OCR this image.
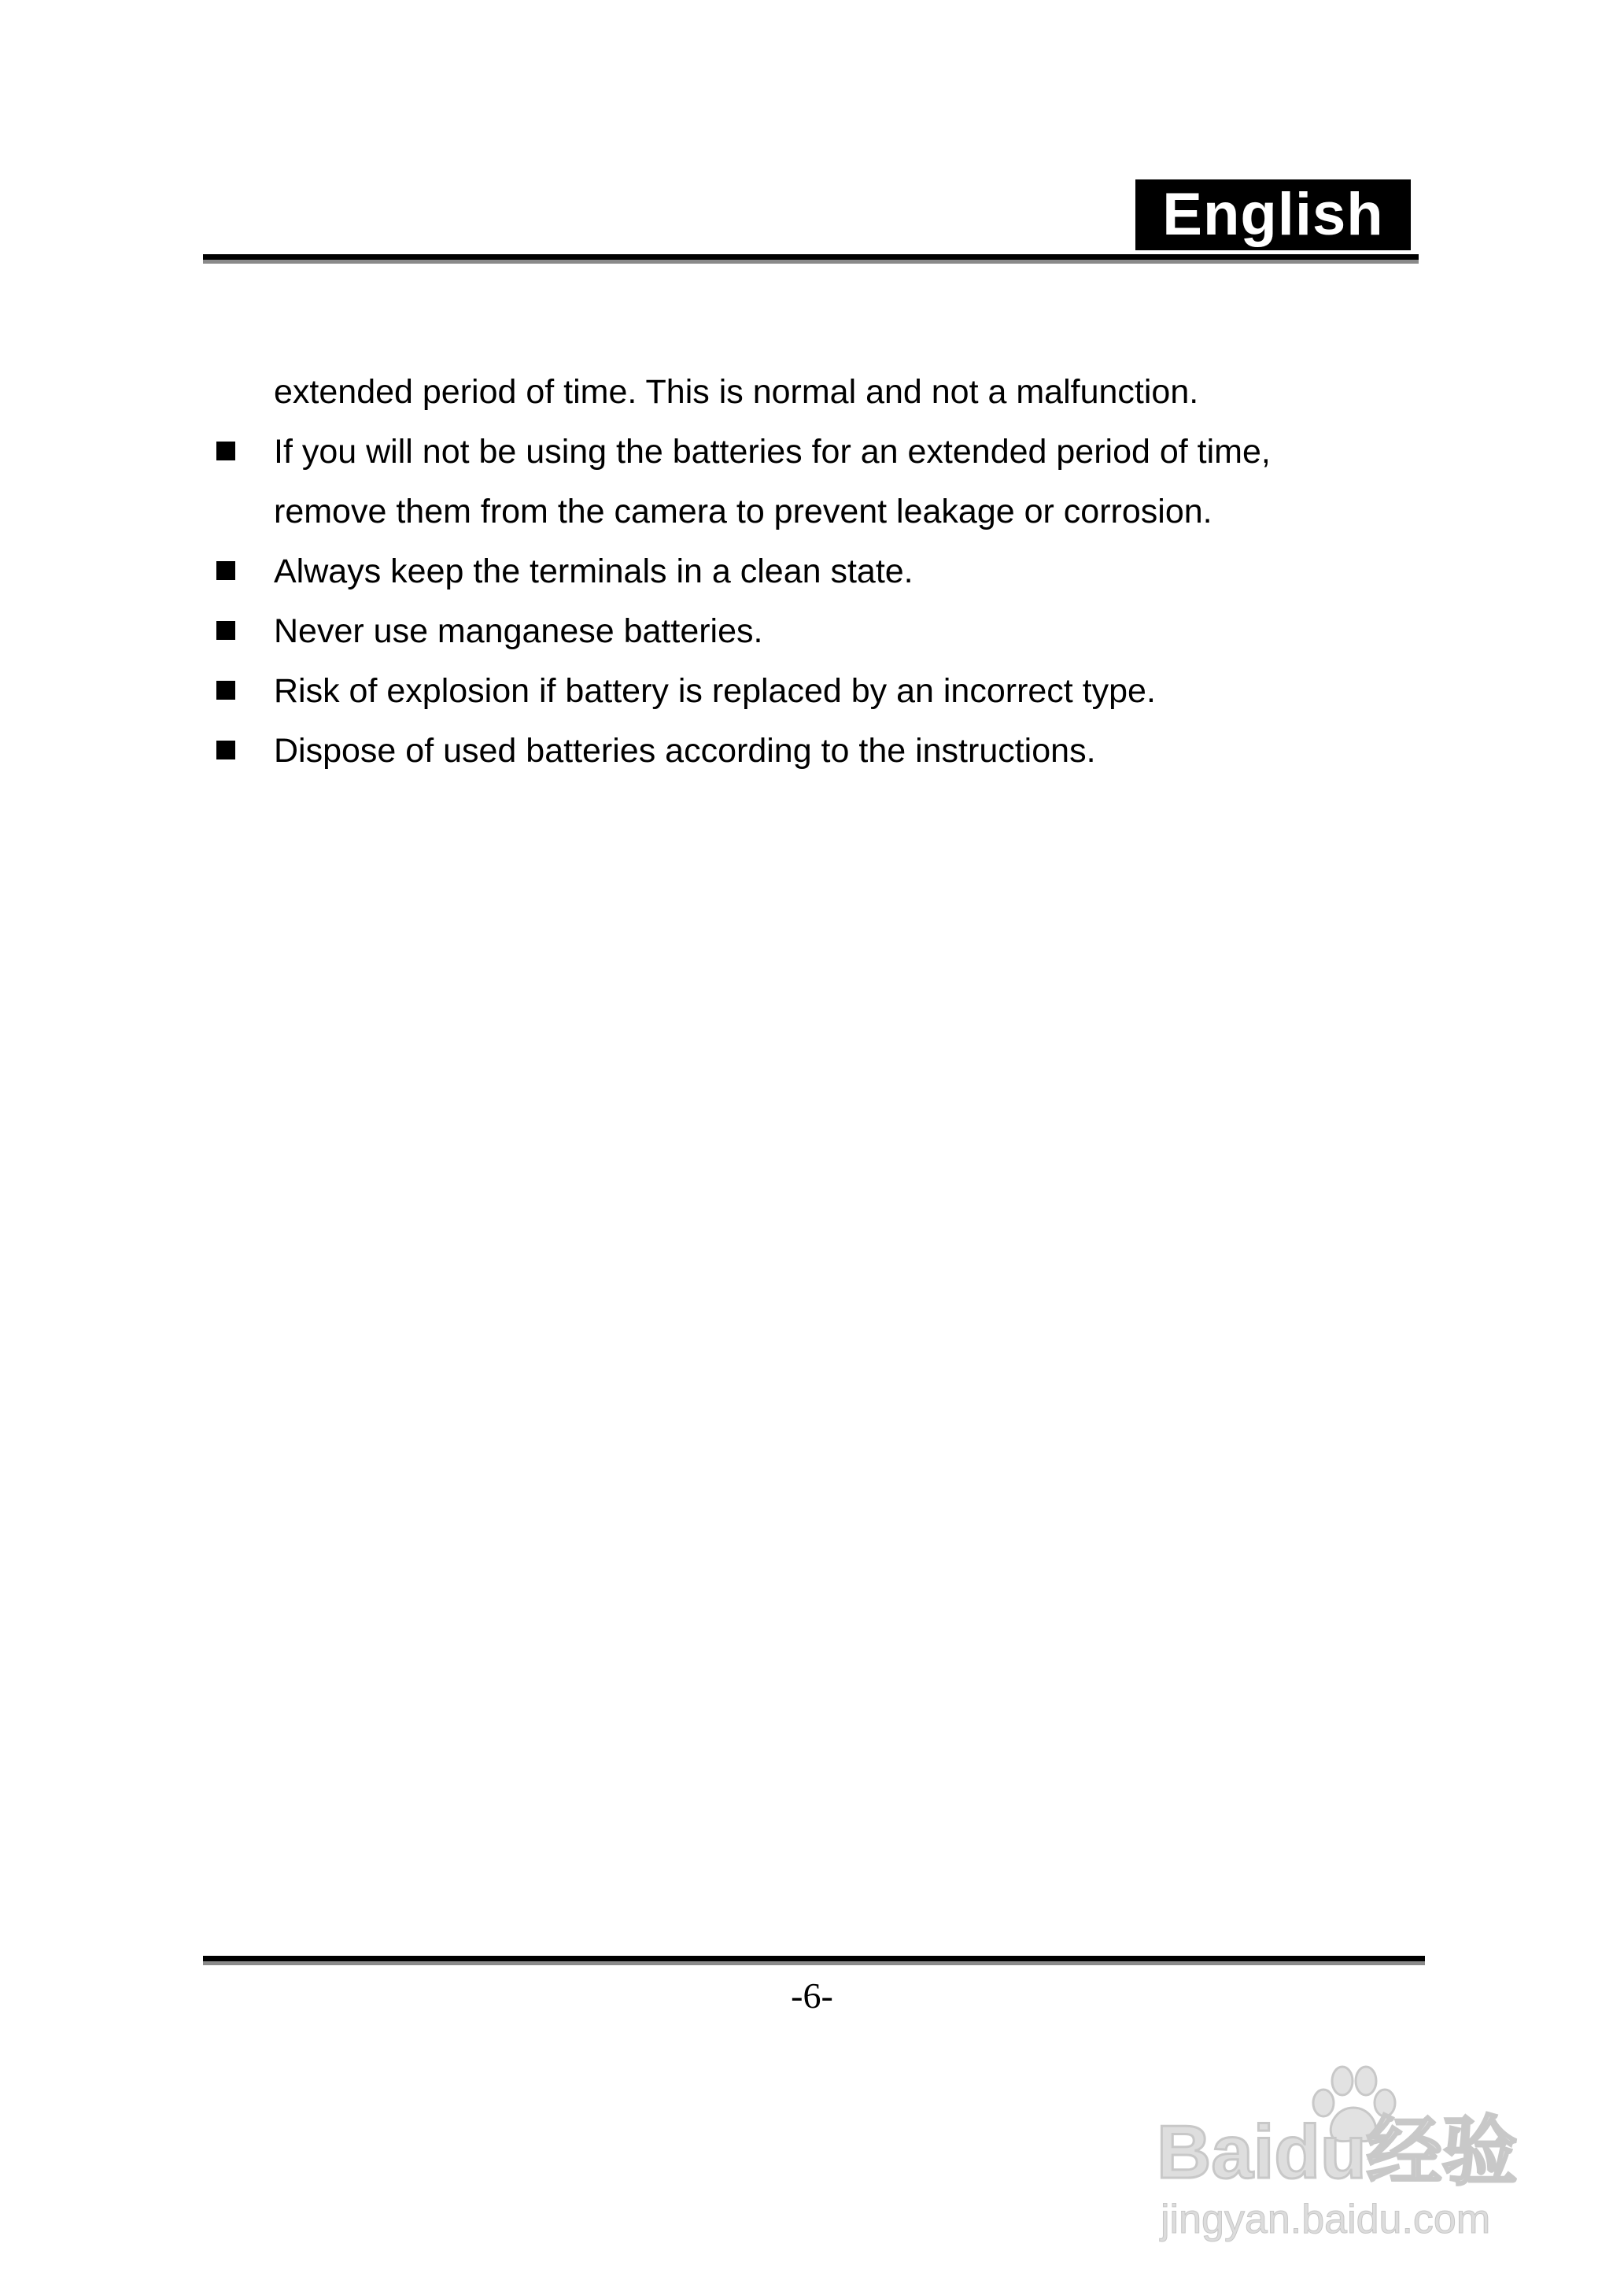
English
extended period of time. This is normal and not a malfunction.
If you will not be using the batteries for an extended period of time,
remove them from the camera to prevent leakage or corrosion.
Always keep the terminals in a clean state.
Never use manganese batteries.
Risk of explosion if battery is replaced by an incorrect type.
Dispose of used batteries according to the instructions.
-6-
Baidu经验
jingyan.baidu.com
